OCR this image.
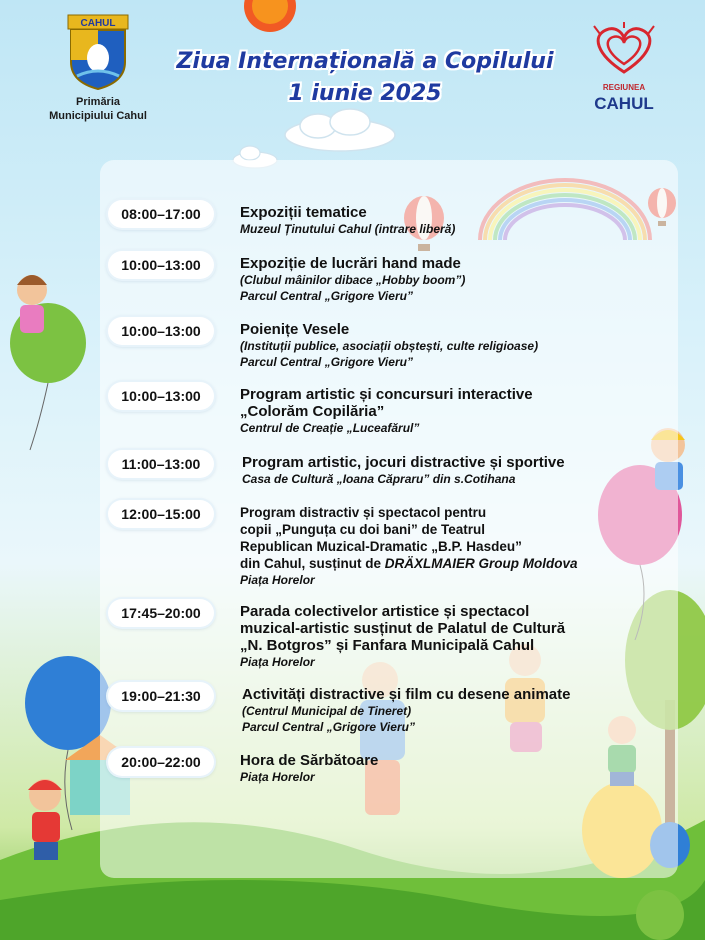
CAHUL
Primăria
Municipiului Cahul
REGIUNEA
CAHUL
Ziua Internațională a Copilului
1 iunie 2025
08:00–17:00	Expoziții tematice
Muzeul Ținutului Cahul (intrare liberă)
10:00–13:00	Expoziție de lucrări hand made
(Clubul mâinilor dibace „Hobby boom”)
Parcul Central „Grigore Vieru”
10:00–13:00	Poienițe Vesele
(Instituții publice, asociații obștești, culte religioase)
Parcul Central „Grigore Vieru”
10:00–13:00	Program artistic și concursuri interactive
„Colorăm Copilăria”
Centrul de Creație „Luceafărul”
11:00–13:00	Program artistic, jocuri distractive și sportive
Casa de Cultură „Ioana Căpraru” din s.Cotihana
12:00–15:00	Program distractiv și spectacol pentru
copii „Punguța cu doi bani” de Teatrul
Republican Muzical-Dramatic „B.P. Hasdeu”
din Cahul, susținut de DRÄXLMAIER Group Moldova
Piața Horelor
17:45–20:00	Parada colectivelor artistice și spectacol
muzical-artistic susținut de Palatul de Cultură
„N. Botgros” și Fanfara Municipală Cahul
Piața Horelor
19:00–21:30	Activități distractive și film cu desene animate
(Centrul Municipal de Tineret)
Parcul Central „Grigore Vieru”
20:00–22:00	Hora de Sărbătoare
Piața Horelor
